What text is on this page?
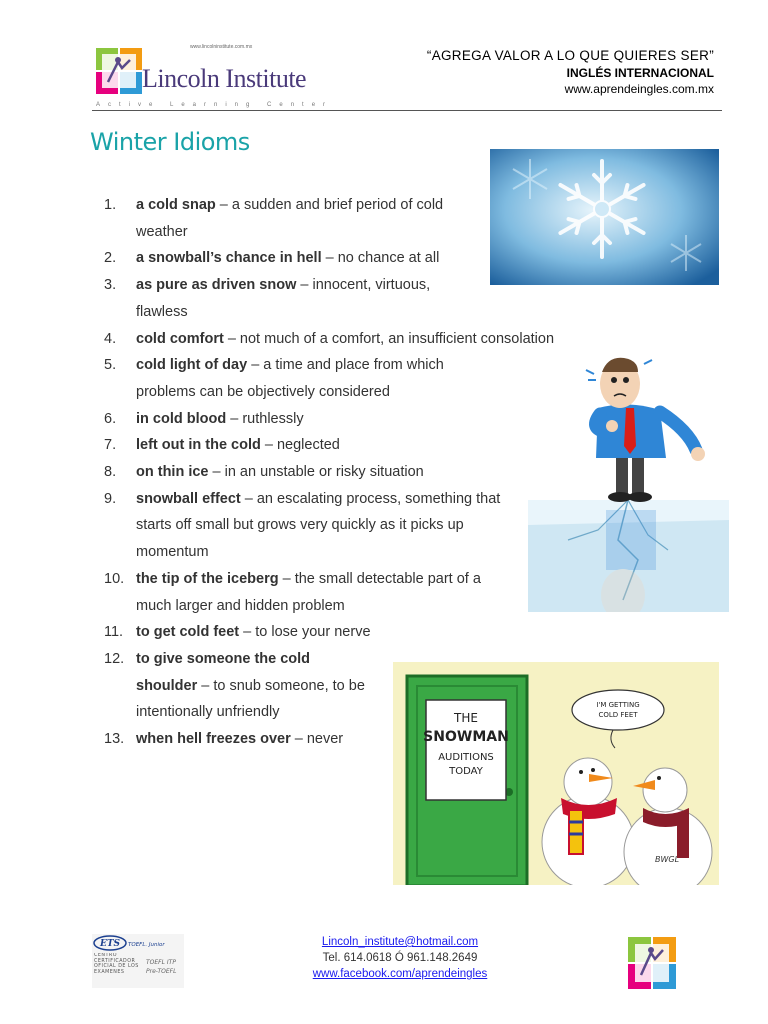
www.lincolninstitute.com.mx
Lincoln Institute
Active Learning Center
“AGREGA VALOR A LO QUE QUIERES SER”
INGLÉS INTERNACIONAL
www.aprendeingles.com.mx
Winter Idioms
1.	a cold snap – a sudden and brief period of cold
weather
2.	a snowball’s chance in hell – no chance at all
3.	as pure as driven snow – innocent, virtuous,
flawless
4.	cold comfort – not much of a comfort, an insufficient consolation
5.	cold light of day – a time and place from which
problems can be objectively considered
6.	in cold blood – ruthlessly
7.	left out in the cold – neglected
8.	on thin ice – in an unstable or risky situation
9.	snowball effect – an escalating process, something that
starts off small but grows very quickly as it picks up
momentum
10. the tip of the iceberg – the small detectable part of a
much larger and hidden problem
11. to get cold feet – to lose your nerve
12. to give someone the cold
shoulder – to snub someone, to be
intentionally unfriendly
13. when hell freezes over – never
THE
SNOWMAN
AUDITIONS
TODAY
I'M GETTING
COLD FEET
BWGL
ETS TOEFL. Junior
CENTRO CERTIFICADOR OFICIAL DE LOS EXAMENES
TOEFL ITP
Pre-TOEFL
Lincoln_institute@hotmail.com
Tel. 614.0618 Ó 961.148.2649
www.facebook.com/aprendeingles
